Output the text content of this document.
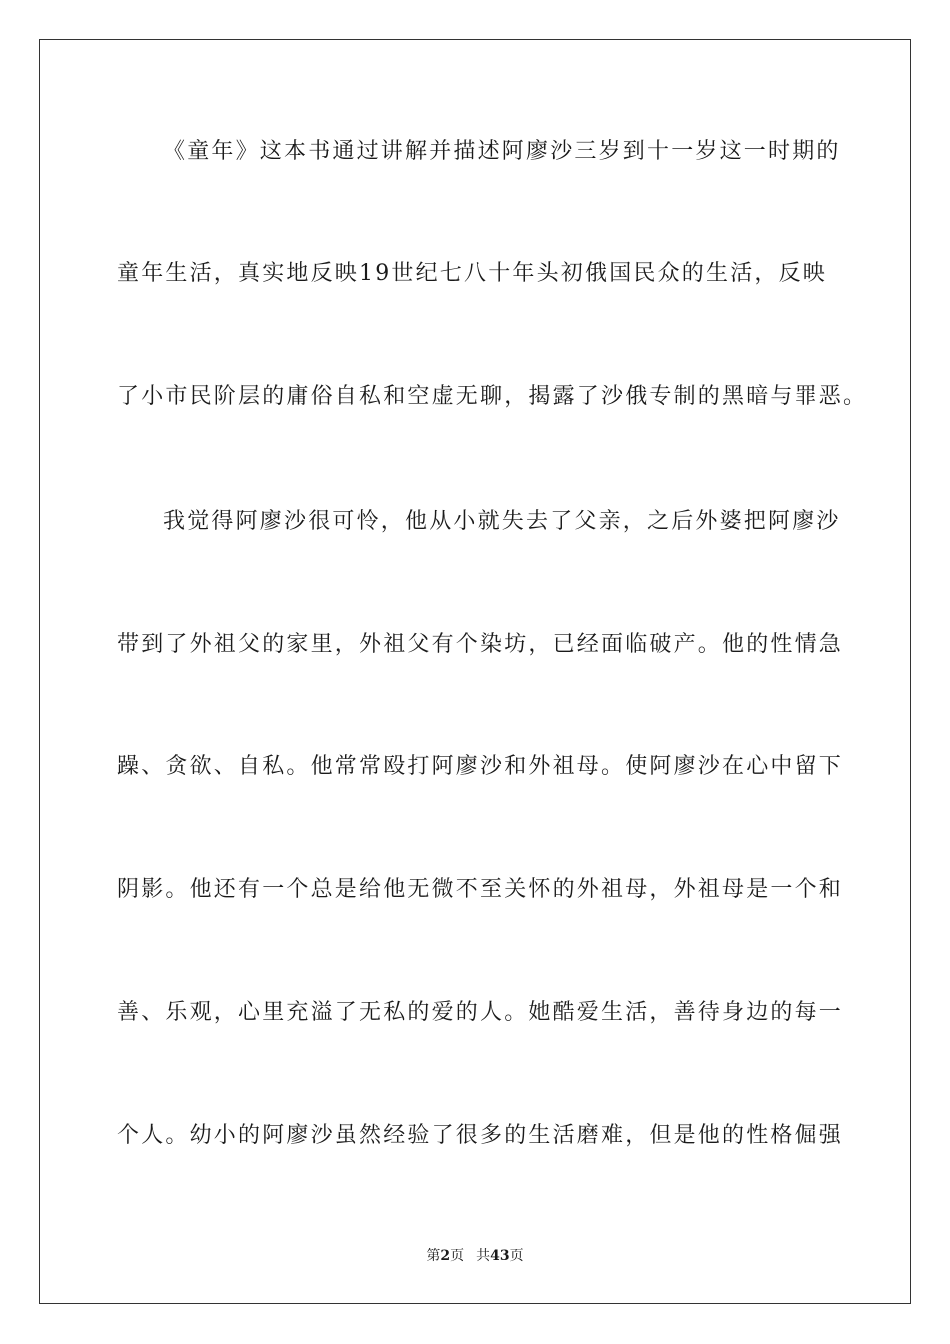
《童年》这本书通过讲解并描述阿廖沙三岁到十一岁这一时期的
童年生活，真实地反映19世纪七八十年头初俄国民众的生活，反映
了小市民阶层的庸俗自私和空虚无聊，揭露了沙俄专制的黑暗与罪恶。
我觉得阿廖沙很可怜，他从小就失去了父亲，之后外婆把阿廖沙
带到了外祖父的家里，外祖父有个染坊，已经面临破产。他的性情急
躁、贪欲、自私。他常常殴打阿廖沙和外祖母。使阿廖沙在心中留下
阴影。他还有一个总是给他无微不至关怀的外祖母，外祖母是一个和
善、乐观，心里充溢了无私的爱的人。她酷爱生活，善待身边的每一
个人。幼小的阿廖沙虽然经验了很多的生活磨难，但是他的性格倔强
第2页 共43页
